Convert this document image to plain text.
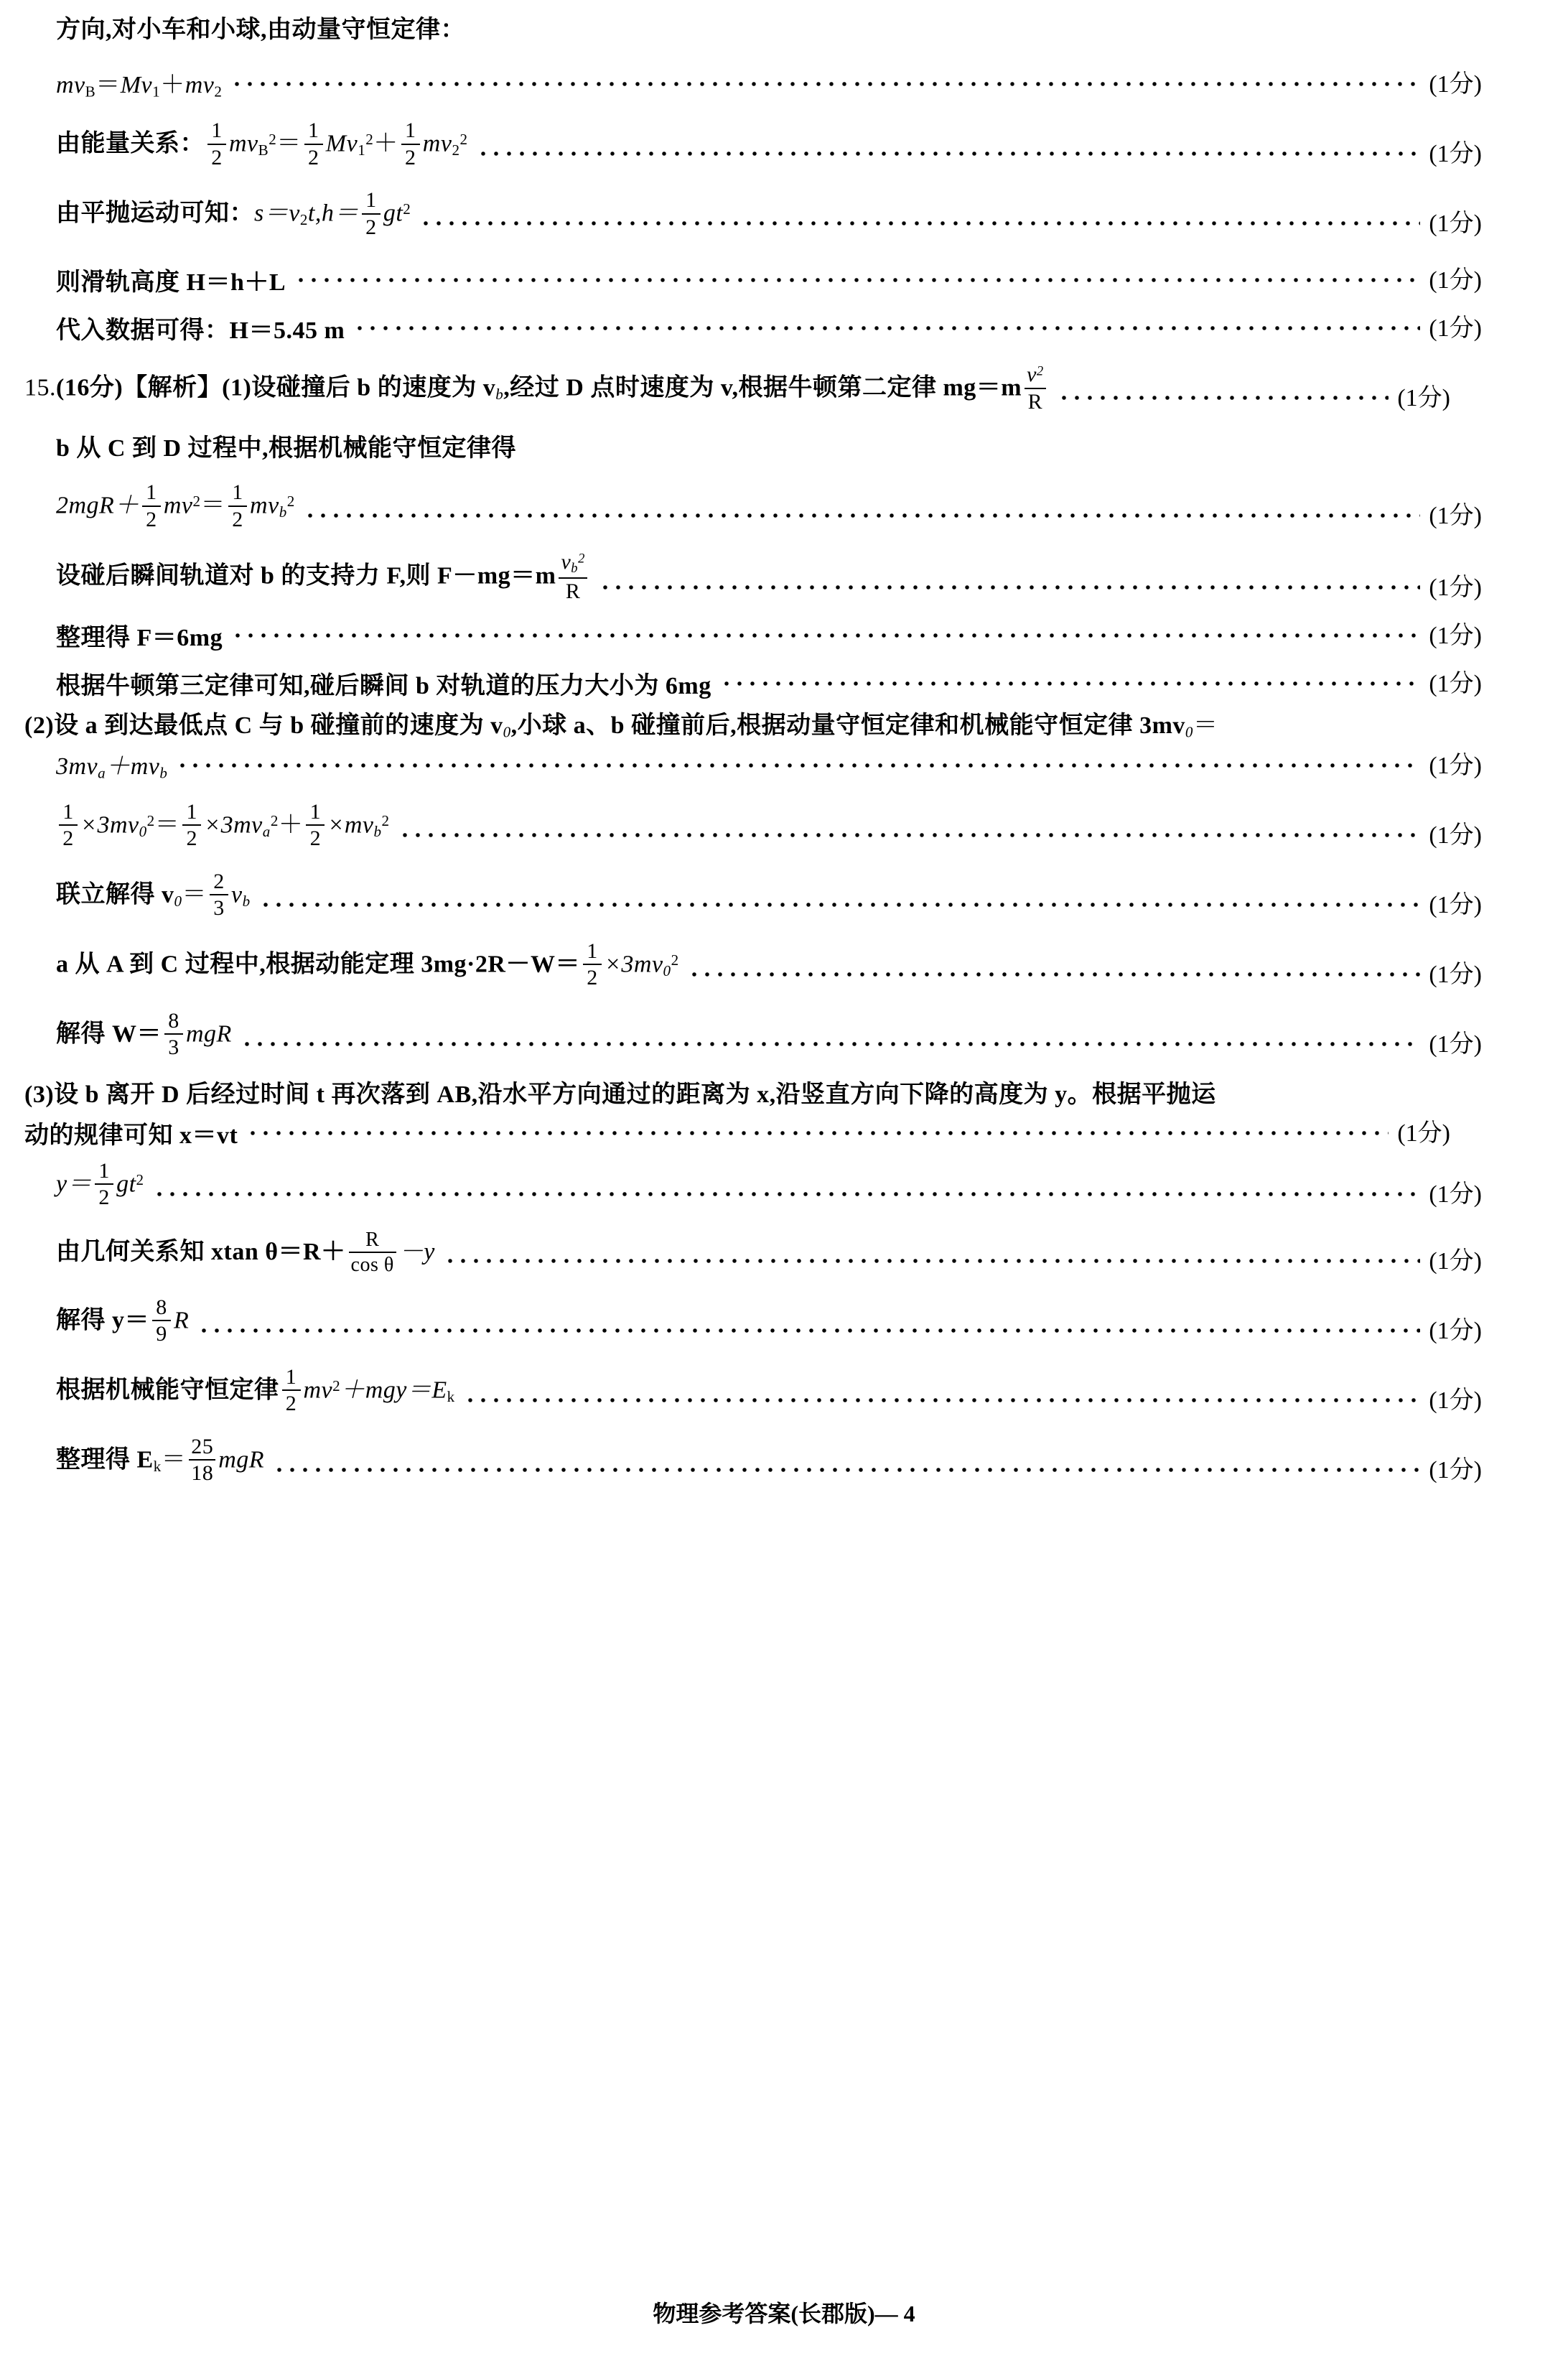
方向,对小车和小球,由动量守恒定律：
$mv_B=Mv_1+mv_2$	(1分)
由能量关系： $\frac{1}{2} mv_B^2= \frac{1}{2} Mv_1^2+ \frac{1}{2} mv_2^2$
(1分)
由平抛运动可知：$s=v_2t,h= \frac{1}{2} gt^2$
(1分)
则滑轨高度 H＝h＋L	(1分)
代入数据可得：H＝5.45 m	(1分)
15.(16分)【解析】(1)设碰撞后 b 的速度为 $v_b$,经过 D 点时速度为 v,根据牛顿第二定律 $mg=m \frac{v^2}{R}$	(1分)
b 从 C 到 D 过程中,根据机械能守恒定律得
$2mgR+ \frac{1}{2} mv^2= \frac{1}{2} mv_b^2$
(1分)
设碰后瞬间轨道对 b 的支持力 F,则 $F-mg=m \frac{v_b^2}{R}$	(1分)
整理得 F＝6mg	(1分)
根据牛顿第三定律可知,碰后瞬间 b 对轨道的压力大小为 6mg	(1分)
(2)设 a 到达最低点 C 与 b 碰撞前的速度为 $v_0$,小球 a、b 碰撞前后,根据动量守恒定律和机械能守恒定律 $3mv_0=$
$3mv_a+mv_b$	(1分)
$\frac{1}{2} \times 3mv_0^2= \frac{1}{2} \times 3mv_a^2+ \frac{1}{2} \times mv_b^2$
(1分)
联立解得 $v_0= \frac{2}{3} v_b$	(1分)
a 从 A 到 C 过程中,根据动能定理 $3mg\cdot 2R-W= \frac{1}{2} \times 3mv_0^2$
(1分)
解得 $W= \frac{8}{3}$ mgR	(1分)
(3)设 b 离开 D 后经过时间 t 再次落到 AB,沿水平方向通过的距离为 x,沿竖直方向下降的高度为 y。根据平抛运
动的规律可知 x＝vt	(1分)
$y= \frac{1}{2} gt^2$
(1分)
由几何关系知 xtan $\theta=R+ \frac{R}{\text{cos θ}} -y$	(1分)
解得 $y= \frac{8}{9}$ R	(1分)
根据机械能守恒定律 $\frac{1}{2} mv^2+mgy=E_k$	(1分)
整理得 $E_k= \frac{25}{18}$ mgR	(1分)
物理参考答案(长郡版)— 4
